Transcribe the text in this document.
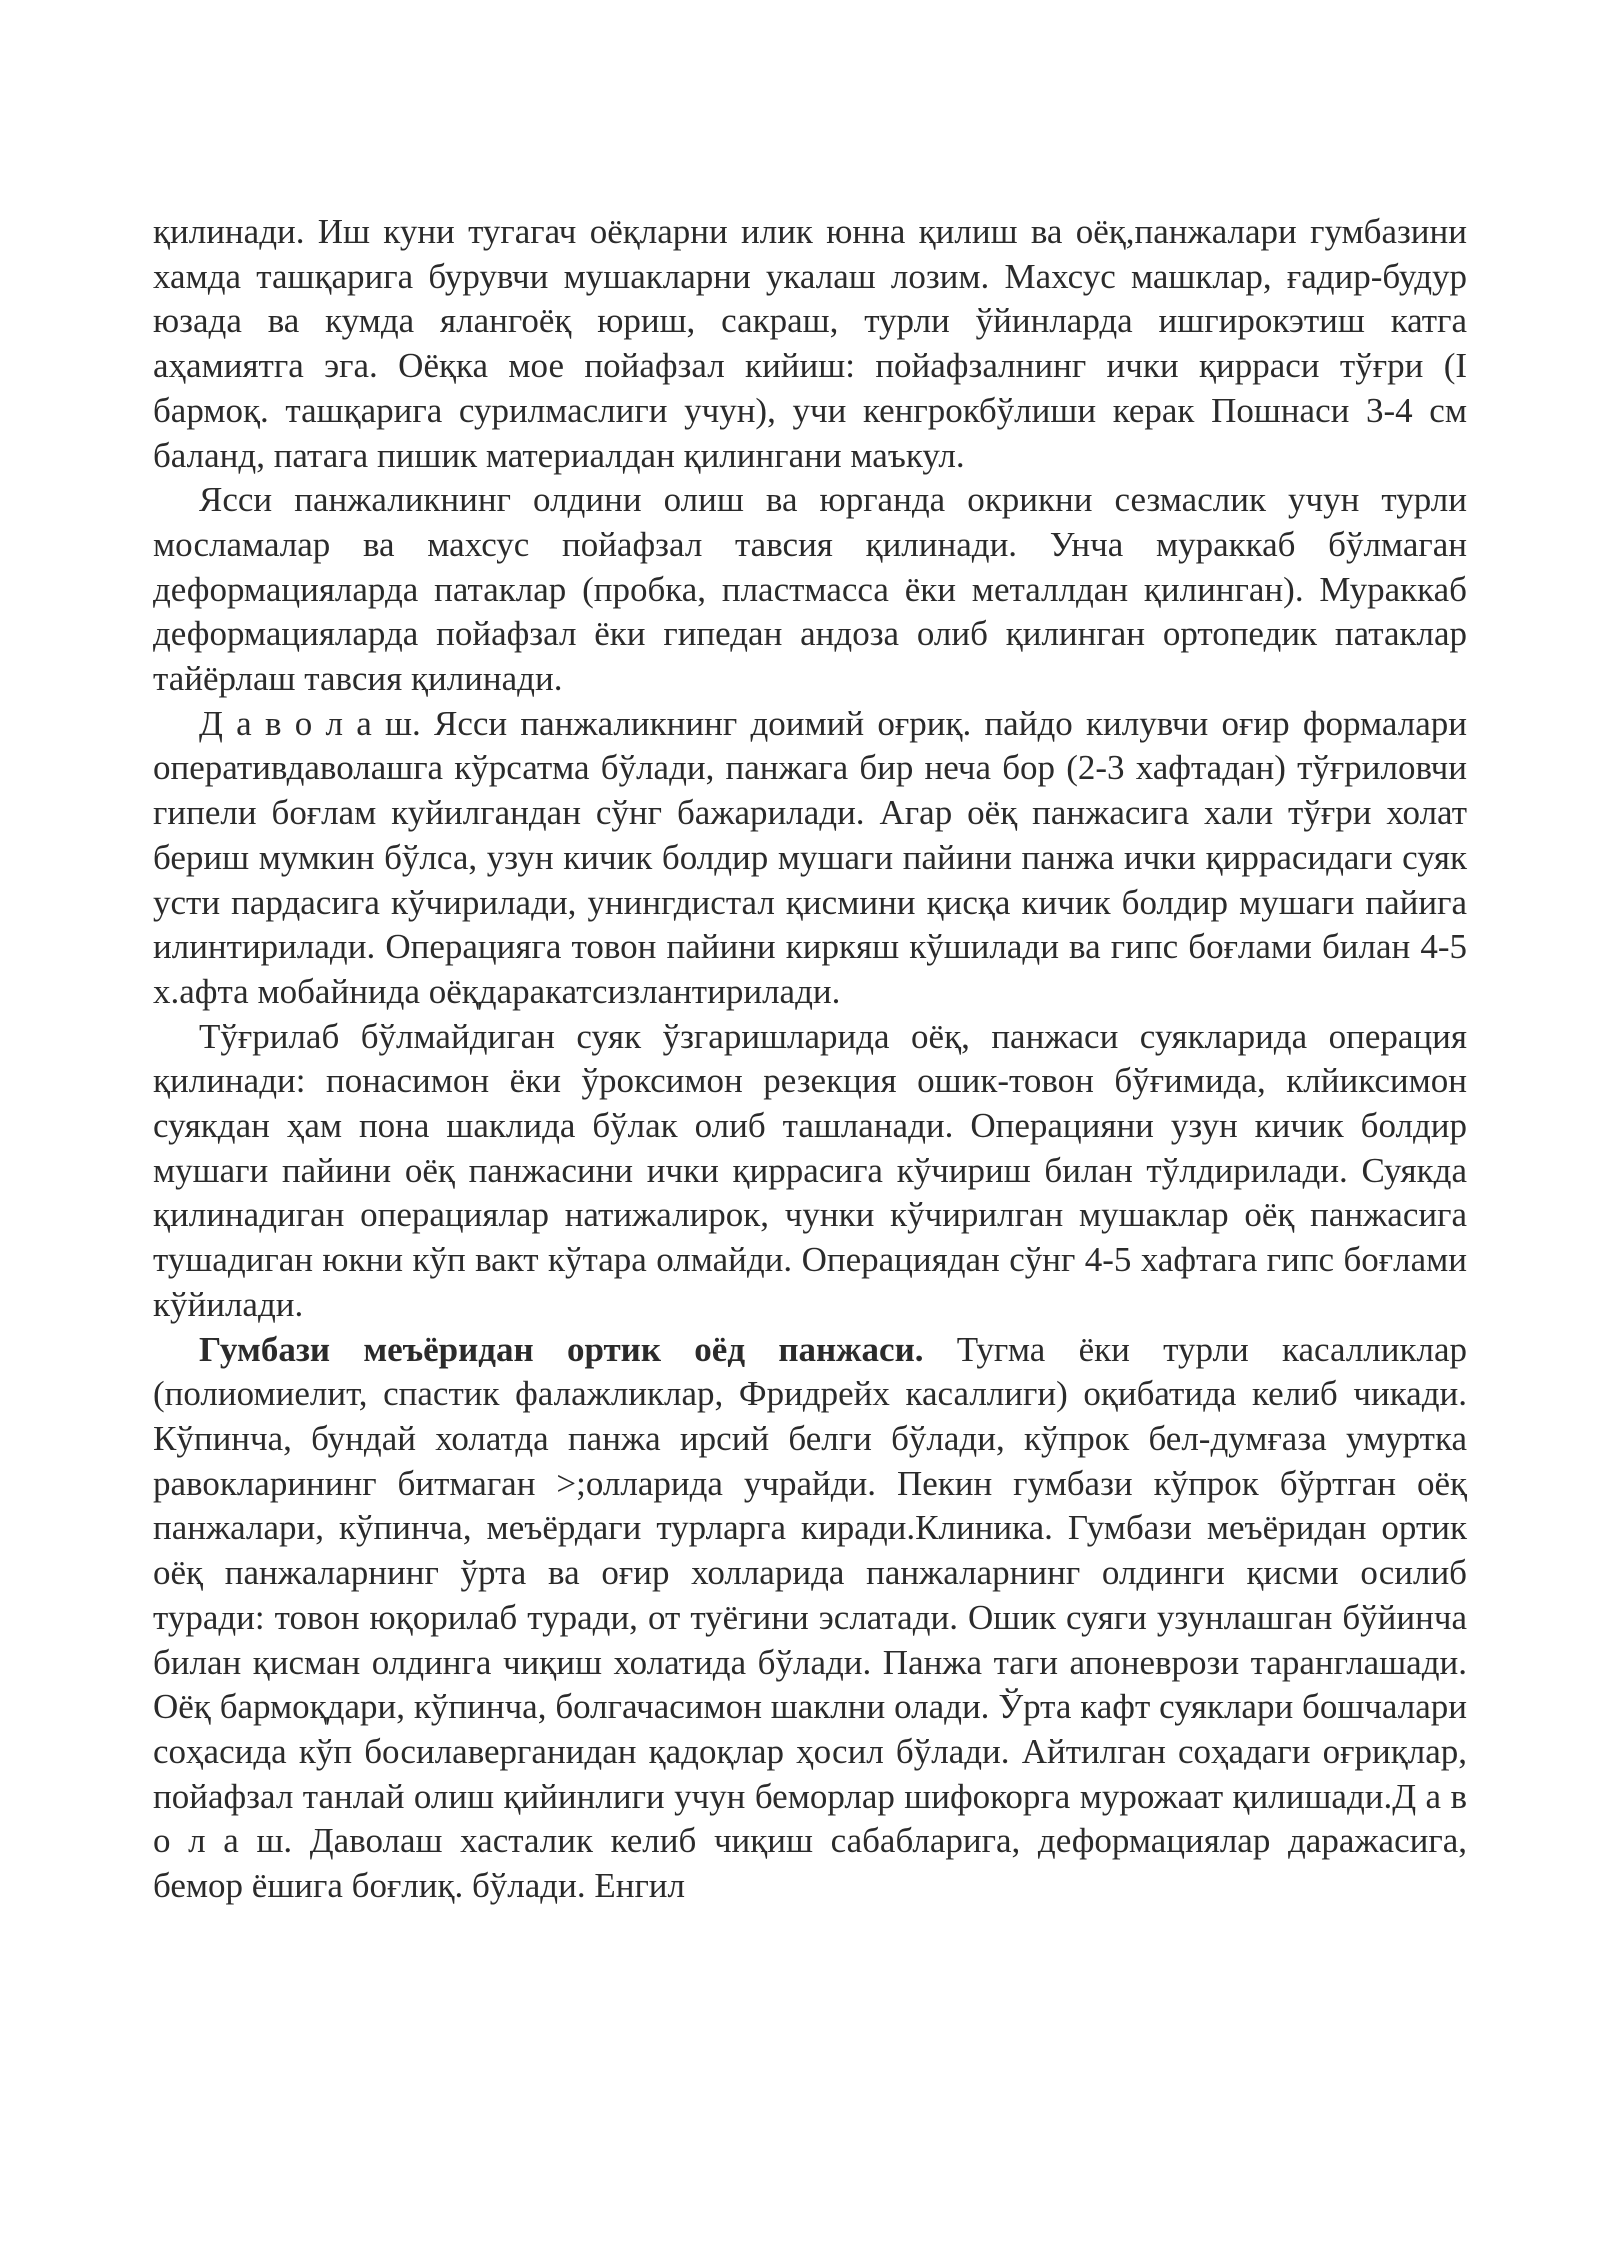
қилинади. Иш куни тугагач оёқларни илик юнна қилиш ва оёқ,панжалари гумбазини хамда ташқарига бурувчи мушакларни укалаш лозим. Махсус машклар, ғадир-будур юзада ва кумда ялангоёқ юриш, сакраш, турли ўйинларда ишгирокэтиш катга аҳамиятга эга. Оёқка мое пойафзал кийиш: пойафзалнинг ички қирраси тўғри (I бармоқ. ташқарига сурилмаслиги учун), учи кенгрокбўлиши керак Пошнаси 3-4 см баланд, патага пишик материалдан қилингани маъкул.

Ясси панжаликнинг олдини олиш ва юрганда окрикни сезмаслик учун турли мосламалар ва махсус пойафзал тавсия қилинади. Унча мураккаб бўлмаган деформацияларда патаклар (пробка, пластмасса ёки металлдан қилинган). Мураккаб деформацияларда пойафзал ёки гипедан андоза олиб қилинган ортопедик патаклар тайёрлаш тавсия қилинади.

Д а в о л а ш. Ясси панжаликнинг доимий оғриқ. пайдо килувчи оғир формалари оперативдаволашга кўрсатма бўлади, панжага бир неча бор (2-3 хафтадан) тўғриловчи гипели боғлам куйилгандан сўнг бажарилади. Агар оёқ панжасига хали тўғри холат бериш мумкин бўлса, узун кичик болдир мушаги пайини панжа ички қиррасидаги суяк усти пардасига кўчирилади, унингдистал қисмини қисқа кичик болдир мушаги пайига илинтирилади. Операцияга товон пайини киркяш кўшилади ва гипс боғлами билан 4-5 х.афта мобайнида оёқдаракатсизлантирилади.

Тўғрилаб бўлмайдиган суяк ўзгаришларида оёқ, панжаси суякларида операция қилинади: понасимон ёки ўроксимон резекция ошик-товон бўғимида, клйиксимон суякдан ҳам пона шаклида бўлак олиб ташланади. Операцияни узун кичик болдир мушаги пайини оёқ панжасини ички қиррасига кўчириш билан тўлдирилади. Суякда қилинадиган операциялар натижалирок, чунки кўчирилган мушаклар оёқ панжасига тушадиган юкни кўп вакт кўтара олмайди. Операциядан сўнг 4-5 хафтага гипс боғлами кўйилади.

Гумбази меъёридан ортик оёд панжаси. Тугма ёки турли касалликлар (полиомиелит, спастик фалажликлар, Фридрейх касаллиги) оқибатида келиб чикади. Кўпинча, бундай холатда панжа ирсий белги бўлади, кўпрок бел-думғаза умуртка равокларининг битмаган >;олларида учрайди. Пекин гумбази кўпрок бўртган оёқ панжалари, кўпинча, меъёрдаги турларга киради.Клиника. Гумбази меъёридан ортик оёқ панжаларнинг ўрта ва оғир холларида панжаларнинг олдинги қисми осилиб туради: товон юқорилаб туради, от туёгини эслатади. Ошик суяги узунлашган бўйинча билан қисман олдинга чиқиш холатида бўлади. Панжа таги апоневрози таранглашади. Оёқ бармоқдари, кўпинча, болгачасимон шаклни олади. Ўрта кафт суяклари бошчалари соҳасида кўп босилаверганидан қадоқлар ҳосил бўлади. Айтилган соҳадаги оғриқлар, пойафзал танлай олиш қийинлиги учун беморлар шифокорга мурожаат қилишади.Д а в о л а ш. Даволаш хасталик келиб чиқиш сабабларига, деформациялар даражасига, бемор ёшига боғлиқ. бўлади. Енгил
